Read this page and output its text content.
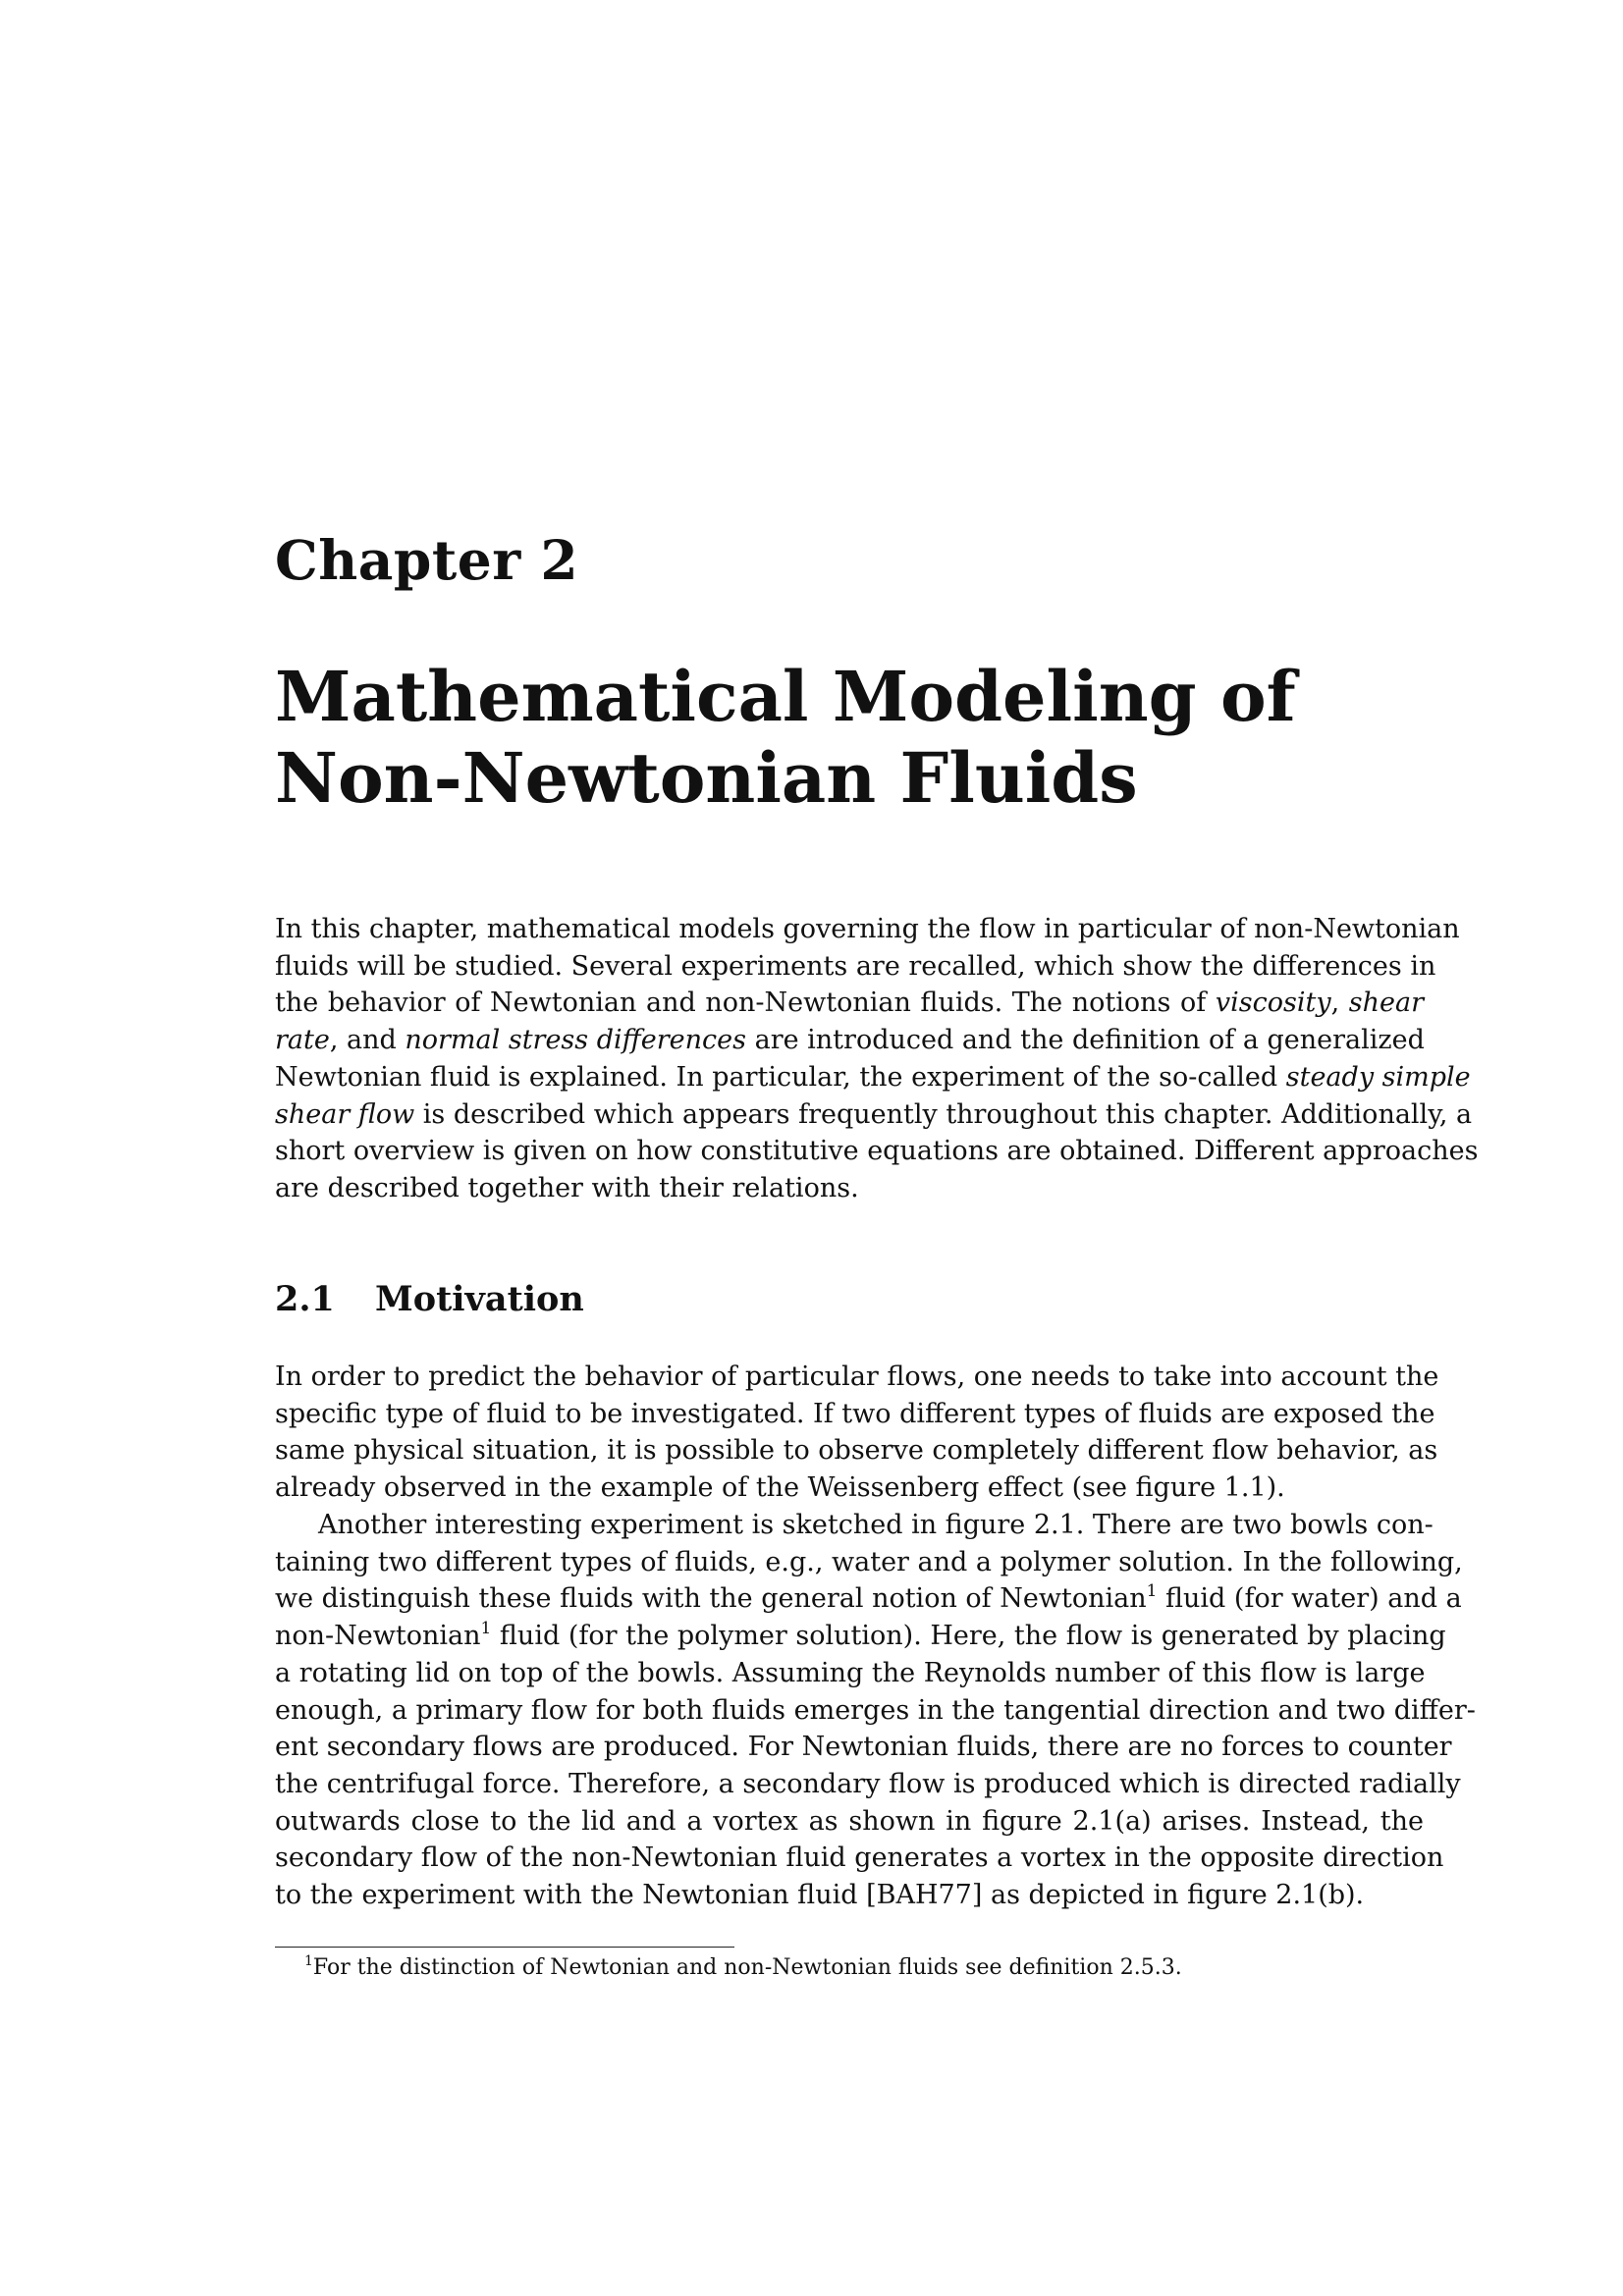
Chapter 2
Mathematical Modeling of
Non-Newtonian Fluids
In this chapter, mathematical models governing the flow in particular of non-Newtonian
fluids will be studied. Several experiments are recalled, which show the differences in
the behavior of Newtonian and non-Newtonian fluids. The notions of viscosity, shear
rate, and normal stress differences are introduced and the definition of a generalized
Newtonian fluid is explained. In particular, the experiment of the so-called steady simple
shear flow is described which appears frequently throughout this chapter. Additionally, a
short overview is given on how constitutive equations are obtained. Different approaches
are described together with their relations.
2.1 Motivation
In order to predict the behavior of particular flows, one needs to take into account the
specific type of fluid to be investigated. If two different types of fluids are exposed the
same physical situation, it is possible to observe completely different flow behavior, as
already observed in the example of the Weissenberg effect (see figure 1.1).
Another interesting experiment is sketched in figure 2.1. There are two bowls con-
taining two different types of fluids, e.g., water and a polymer solution. In the following,
we distinguish these fluids with the general notion of Newtonian$^1$ fluid (for water) and a
non-Newtonian$^1$ fluid (for the polymer solution). Here, the flow is generated by placing
a rotating lid on top of the bowls. Assuming the Reynolds number of this flow is large
enough, a primary flow for both fluids emerges in the tangential direction and two differ-
ent secondary flows are produced. For Newtonian fluids, there are no forces to counter
the centrifugal force. Therefore, a secondary flow is produced which is directed radially
outwards close to the lid and a vortex as shown in figure 2.1(a) arises. Instead, the
secondary flow of the non-Newtonian fluid generates a vortex in the opposite direction
to the experiment with the Newtonian fluid [BAH77] as depicted in figure 2.1(b).
$^1$For the distinction of Newtonian and non-Newtonian fluids see definition 2.5.3.
